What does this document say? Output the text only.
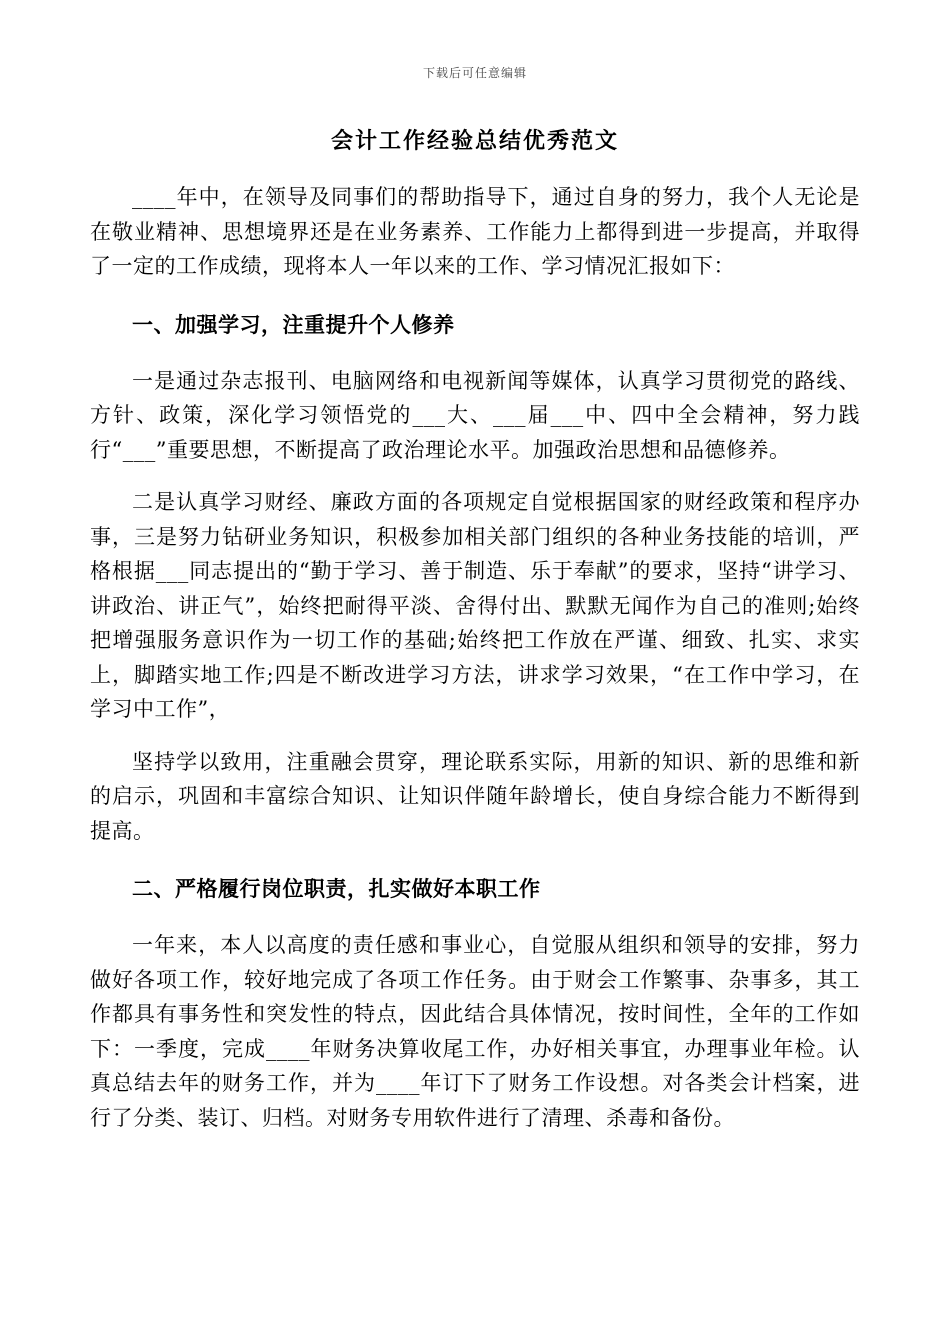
下载后可任意编辑
会计工作经验总结优秀范文

____年中，在领导及同事们的帮助指导下，通过自身的努力，我个人无论是在敬业精神、思想境界还是在业务素养、工作能力上都得到进一步提高，并取得了一定的工作成绩，现将本人一年以来的工作、学习情况汇报如下：

一、加强学习，注重提升个人修养

一是通过杂志报刊、电脑网络和电视新闻等媒体，认真学习贯彻党的路线、方针、政策，深化学习领悟党的___大、___届___中、四中全会精神，努力践行“___”重要思想，不断提高了政治理论水平。加强政治思想和品德修养。

二是认真学习财经、廉政方面的各项规定自觉根据国家的财经政策和程序办事，三是努力钻研业务知识，积极参加相关部门组织的各种业务技能的培训，严格根据___同志提出的“勤于学习、善于制造、乐于奉献”的要求，坚持“讲学习、讲政治、讲正气”，始终把耐得平淡、舍得付出、默默无闻作为自己的准则;始终把增强服务意识作为一切工作的基础;始终把工作放在严谨、细致、扎实、求实上，脚踏实地工作;四是不断改进学习方法，讲求学习效果，“在工作中学习，在学习中工作”，

坚持学以致用，注重融会贯穿，理论联系实际，用新的知识、新的思维和新的启示，巩固和丰富综合知识、让知识伴随年龄增长，使自身综合能力不断得到提高。

二、严格履行岗位职责，扎实做好本职工作

一年来，本人以高度的责任感和事业心，自觉服从组织和领导的安排，努力做好各项工作，较好地完成了各项工作任务。由于财会工作繁事、杂事多，其工作都具有事务性和突发性的特点，因此结合具体情况，按时间性，全年的工作如下：一季度，完成____年财务决算收尾工作，办好相关事宜，办理事业年检。认真总结去年的财务工作，并为____年订下了财务工作设想。对各类会计档案，进行了分类、装订、归档。对财务专用软件进行了清理、杀毒和备份。
